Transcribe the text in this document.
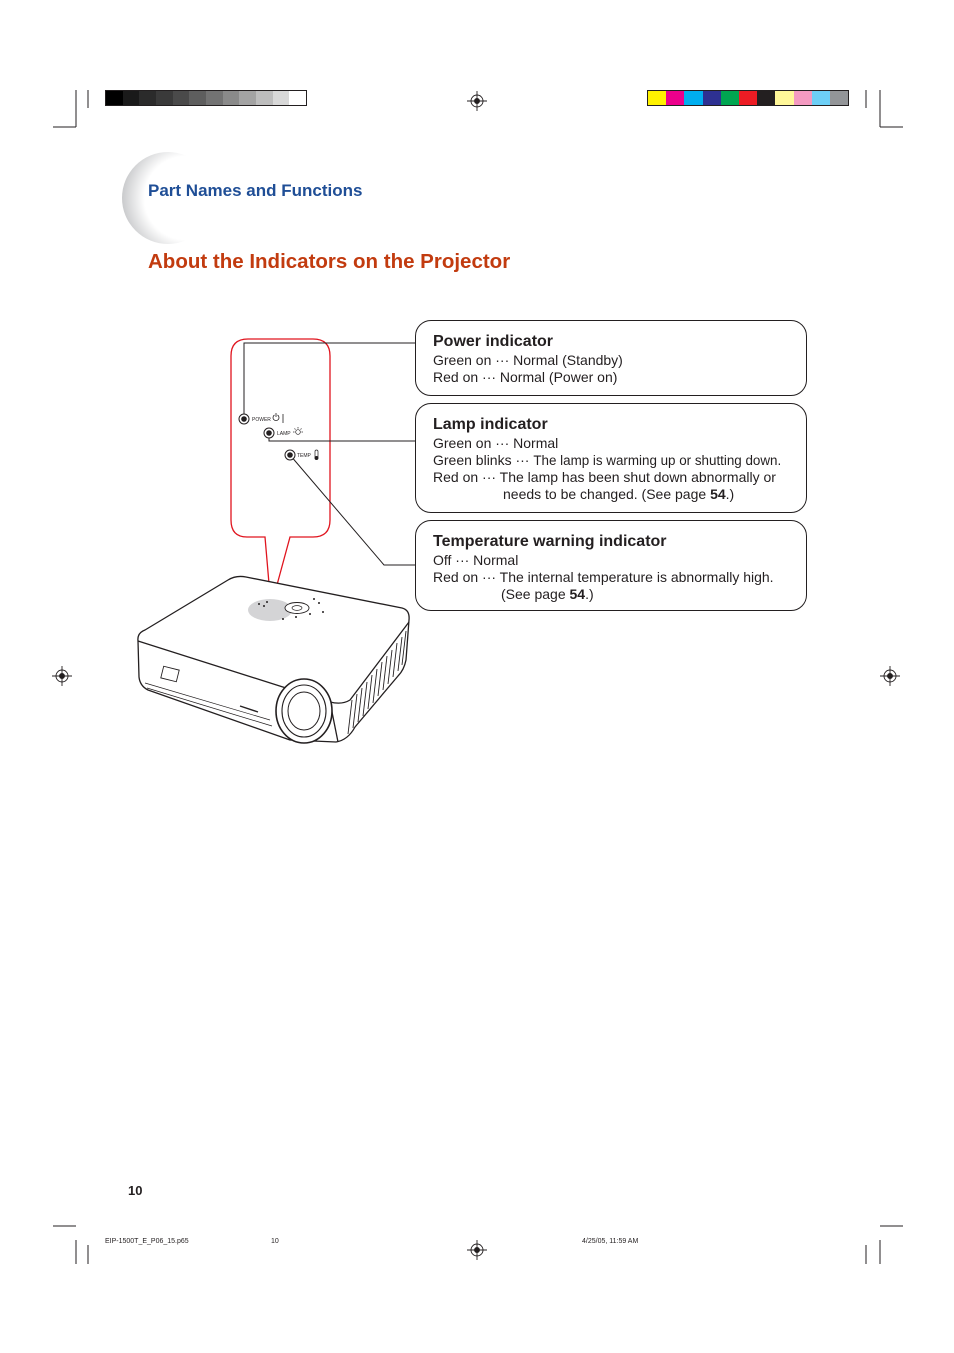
Part Names and Functions
About the Indicators on the Projector
POWER
LAMP
TEMP
Power indicator
Green on ··· Normal (Standby)
Red on ··· Normal (Power on)
Lamp indicator
Green on ··· Normal
Green blinks ··· The lamp is warming up or shutting down.
Red on ··· The lamp has been shut down abnormally or
needs to be changed. (See page 54.)
Temperature warning indicator
Off ··· Normal
Red on ··· The internal temperature is abnormally high.
(See page 54.)
10
EIP-1500T_E_P06_15.p65	10	4/25/05, 11:59 AM
